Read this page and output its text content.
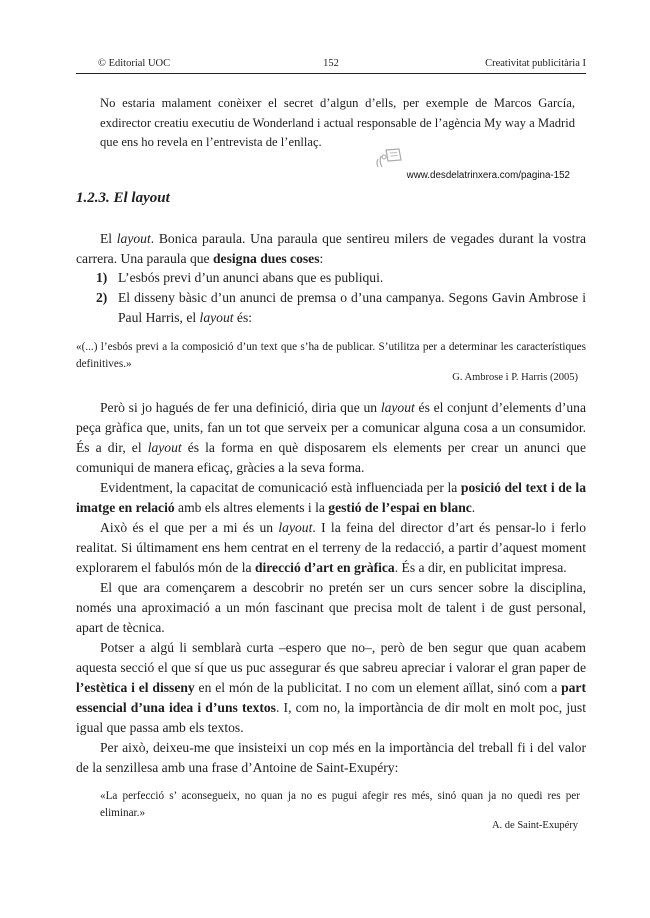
© Editorial UOC	152	Creativitat publicitària I
No estaria malament conèixer el secret d’algun d’ells, per exemple de Marcos García, exdirector creatiu executiu de Wonderland i actual responsable de l’agència My way a Madrid que ens ho revela en l’entrevista de l’enllaç.
www.desdelatrinxera.com/pagina-152
1.2.3. El layout
El layout. Bonica paraula. Una paraula que sentireu milers de vegades durant la vostra carrera. Una paraula que designa dues coses:
1) L’esbós previ d’un anunci abans que es publiqui.
2) El disseny bàsic d’un anunci de premsa o d’una campanya. Segons Gavin Ambrose i Paul Harris, el layout és:
«(...) l’esbós previ a la composició d’un text que s’ha de publicar. S’utilitza per a determinar les característiques definitives.»
G. Ambrose i P. Harris (2005)

Però si jo hagués de fer una definició, diria que un layout és el conjunt d’elements d’una peça gràfica que, units, fan un tot que serveix per a comunicar alguna cosa a un consumidor. És a dir, el layout és la forma en què disposarem els elements per crear un anunci que comuniqui de manera eficaç, gràcies a la seva forma.

Evidentment, la capacitat de comunicació està influenciada per la posició del text i de la imatge en relació amb els altres elements i la gestió de l’espai en blanc.

Això és el que per a mi és un layout. I la feina del director d’art és pensar-lo i ferlo realitat. Si últimament ens hem centrat en el terreny de la redacció, a partir d’aquest moment explorarem el fabulós món de la direcció d’art en gràfica. És a dir, en publicitat impresa.

El que ara començarem a descobrir no pretén ser un curs sencer sobre la disciplina, només una aproximació a un món fascinant que precisa molt de talent i de gust personal, apart de tècnica.

Potser a algú li semblarà curta –espero que no–, però de ben segur que quan acabem aquesta secció el que sí que us puc assegurar és que sabreu apreciar i valorar el gran paper de l’estètica i el disseny en el món de la publicitat. I no com un element aïllat, sinó com a part essencial d’una idea i d’uns textos. I, com no, la importància de dir molt en molt poc, just igual que passa amb els textos.

Per això, deixeu-me que insisteixi un cop més en la importància del treball fi i del valor de la senzillesa amb una frase d’Antoine de Saint-Exupéry:

«La perfecció s’ aconsegueix, no quan ja no es pugui afegir res més, sinó quan ja no quedi res per eliminar.»
A. de Saint-Exupéry
